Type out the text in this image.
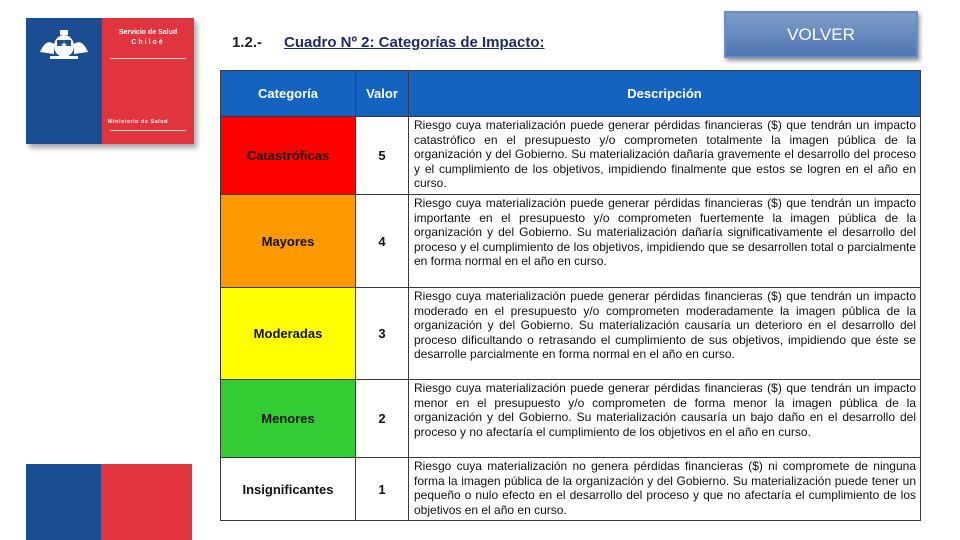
Servicio de Salud
Chiloé
Ministerio de Salud
1.2.- Cuadro Nº 2: Categorías de Impacto:	VOLVER
Categoría	Valor	Descripción
Catastróficas	5	Riesgo cuya materialización puede generar pérdidas financieras ($) que tendrán un impacto catastrófico en el presupuesto y/o comprometen totalmente la imagen pública de la organización y del Gobierno. Su materialización dañaría gravemente el desarrollo del proceso y el cumplimiento de los objetivos, impidiendo finalmente que estos se logren en el año en curso.
Mayores	4	Riesgo cuya materialización puede generar pérdidas financieras ($) que tendrán un impacto importante en el presupuesto y/o comprometen fuertemente la imagen pública de la organización y del Gobierno. Su materialización dañaría significativamente el desarrollo del proceso y el cumplimiento de los objetivos, impidiendo que se desarrollen total o parcialmente en forma normal en el año en curso.
Moderadas	3	Riesgo cuya materialización puede generar pérdidas financieras ($) que tendrán un impacto moderado en el presupuesto y/o comprometen moderadamente la imagen pública de la organización y del Gobierno. Su materialización causaría un deterioro en el desarrollo del proceso dificultando o retrasando el cumplimiento de sus objetivos, impidiendo que éste se desarrolle parcialmente en forma normal en el año en curso.
Menores	2	Riesgo cuya materialización puede generar pérdidas financieras ($) que tendrán un impacto menor en el presupuesto y/o comprometen de forma menor la imagen pública de la organización y del Gobierno. Su materialización causaría un bajo daño en el desarrollo del proceso y no afectaría el cumplimiento de los objetivos en el año en curso.
Insignificantes	1	Riesgo cuya materialización no genera pérdidas financieras ($) ni compromete de ninguna forma la imagen pública de la organización y del Gobierno. Su materialización puede tener un pequeño o nulo efecto en el desarrollo del proceso y que no afectaría el cumplimiento de los objetivos en el año en curso.
